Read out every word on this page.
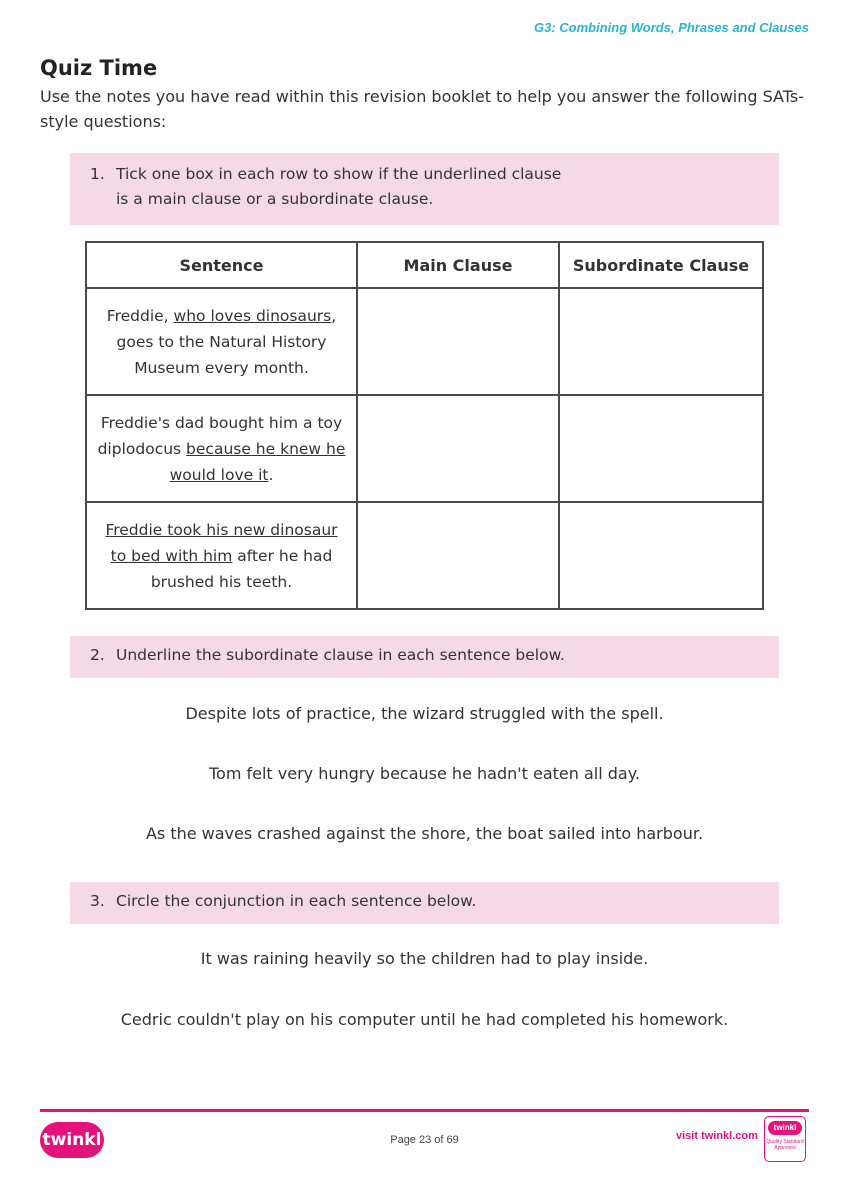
G3: Combining Words, Phrases and Clauses
Quiz Time
Use the notes you have read within this revision booklet to help you answer the following SATs-style questions:
1. Tick one box in each row to show if the underlined clause
is a main clause or a subordinate clause.
Sentence	Main Clause	Subordinate Clause
Freddie, who loves dinosaurs, goes to the Natural History Museum every month.		
Freddie's dad bought him a toy diplodocus because he knew he would love it.		
Freddie took his new dinosaur to bed with him after he had brushed his teeth.		
2. Underline the subordinate clause in each sentence below.
Despite lots of practice, the wizard struggled with the spell.
Tom felt very hungry because he hadn't eaten all day.
As the waves crashed against the shore, the boat sailed into harbour.
3. Circle the conjunction in each sentence below.
It was raining heavily so the children had to play inside.
Cedric couldn't play on his computer until he had completed his homework.
twinkl	Page 23 of 69	visit twinkl.com
twinkl
Quality Standard Approved
